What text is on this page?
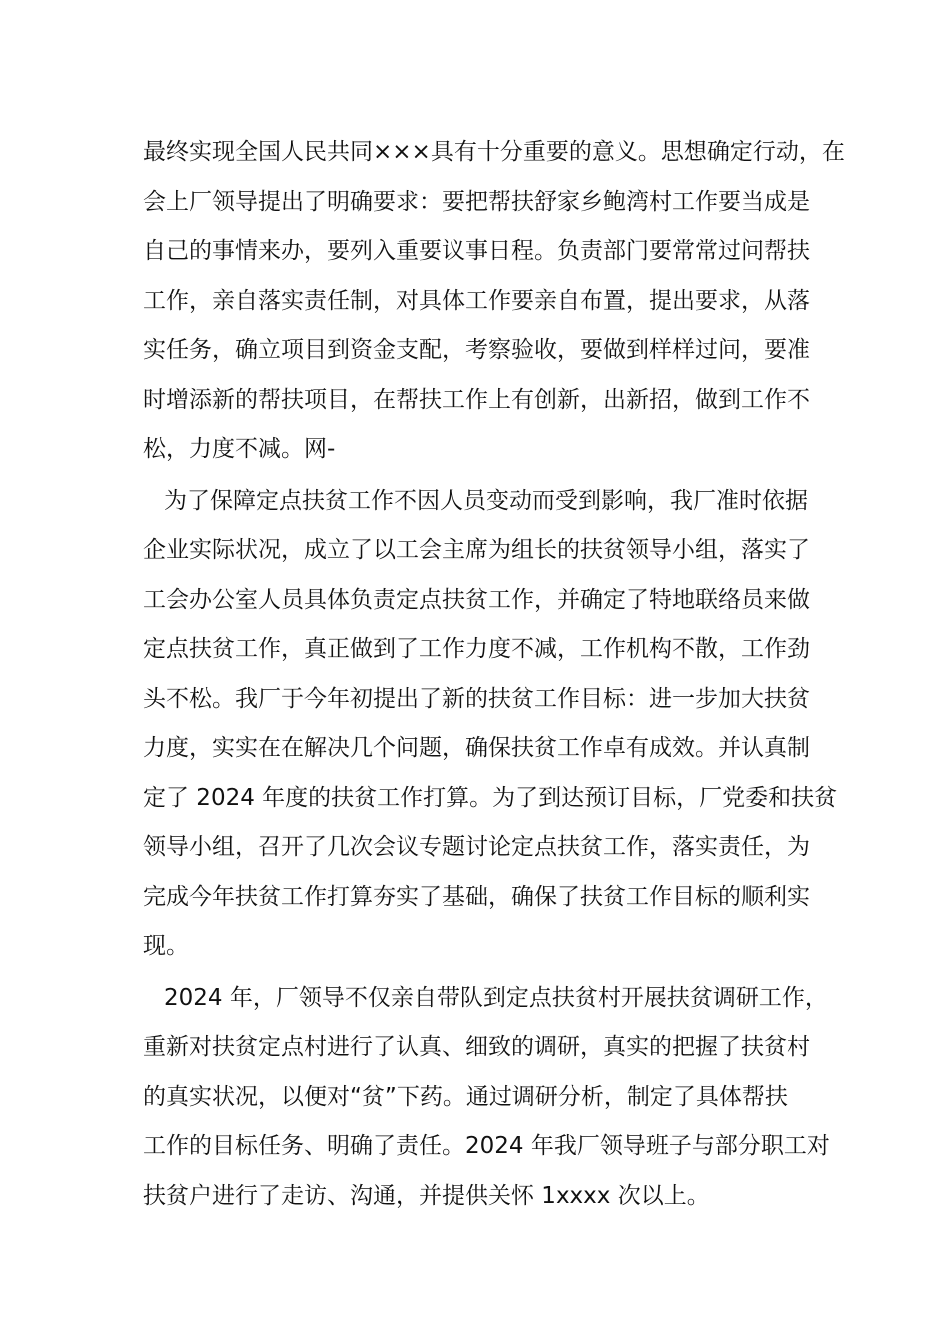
最终实现全国人民共同×××具有十分重要的意义。思想确定行动，在
会上厂领导提出了明确要求：要把帮扶舒家乡鲍湾村工作要当成是
自己的事情来办，要列入重要议事日程。负责部门要常常过问帮扶
工作，亲自落实责任制，对具体工作要亲自布置，提出要求，从落
实任务，确立项目到资金支配，考察验收，要做到样样过问，要准
时增添新的帮扶项目，在帮扶工作上有创新，出新招，做到工作不
松，力度不减。网-
为了保障定点扶贫工作不因人员变动而受到影响，我厂准时依据
企业实际状况，成立了以工会主席为组长的扶贫领导小组，落实了
工会办公室人员具体负责定点扶贫工作，并确定了特地联络员来做
定点扶贫工作，真正做到了工作力度不减，工作机构不散，工作劲
头不松。我厂于今年初提出了新的扶贫工作目标：进一步加大扶贫
力度，实实在在解决几个问题，确保扶贫工作卓有成效。并认真制
定了 2024 年度的扶贫工作打算。为了到达预订目标，厂党委和扶贫
领导小组，召开了几次会议专题讨论定点扶贫工作，落实责任，为
完成今年扶贫工作打算夯实了基础，确保了扶贫工作目标的顺利实
现。
2024 年，厂领导不仅亲自带队到定点扶贫村开展扶贫调研工作，
重新对扶贫定点村进行了认真、细致的调研，真实的把握了扶贫村
的真实状况，以便对“贫”下药。通过调研分析，制定了具体帮扶
工作的目标任务、明确了责任。2024 年我厂领导班子与部分职工对
扶贫户进行了走访、沟通，并提供关怀 1xxxx 次以上。
